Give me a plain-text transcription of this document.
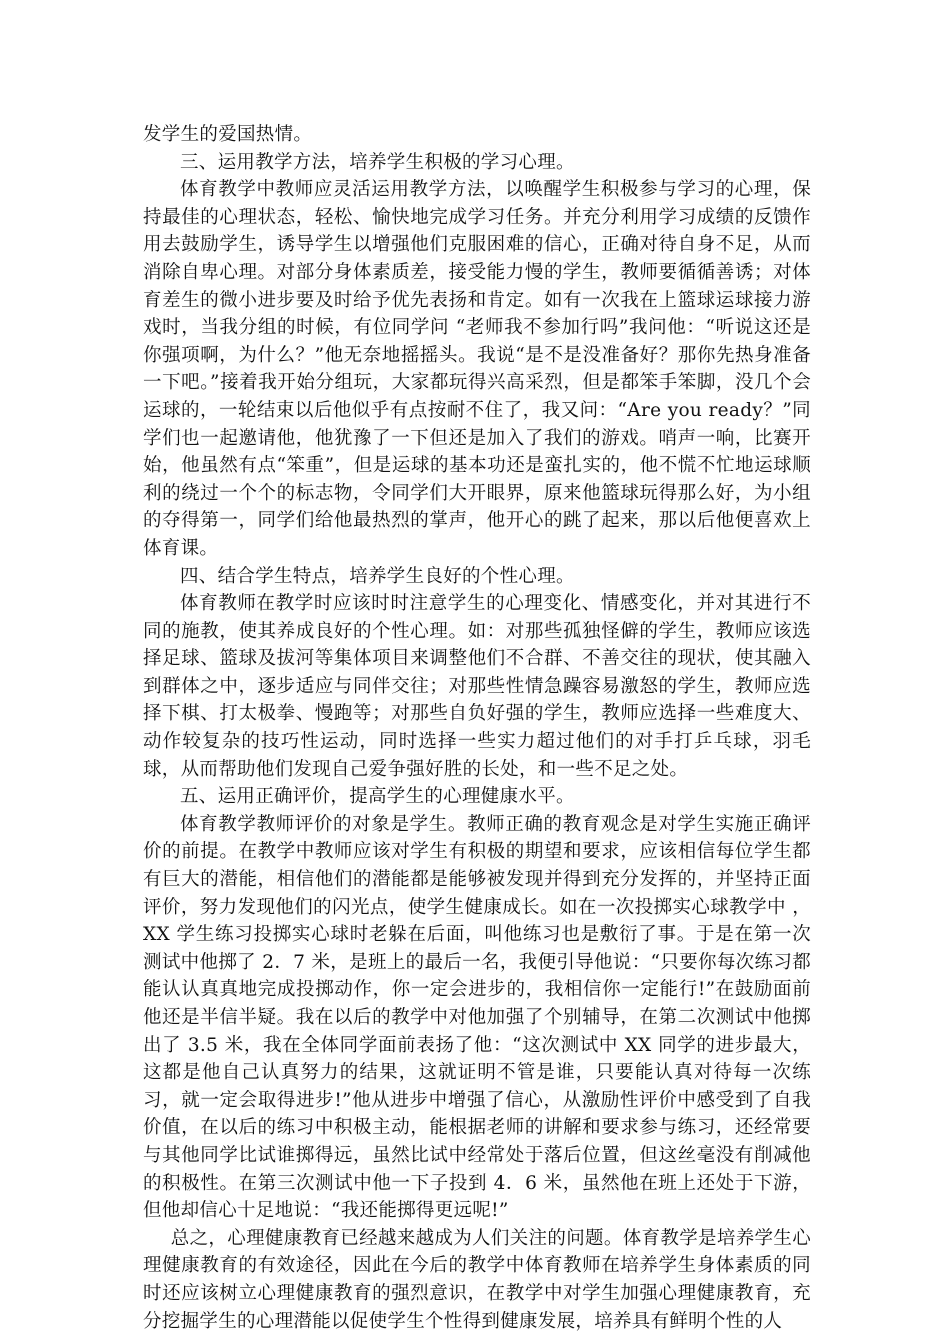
发学生的爱国热情。

三、运用教学方法，培养学生积极的学习心理。

体育教学中教师应灵活运用教学方法，以唤醒学生积极参与学习的心理，保持最佳的心理状态，轻松、愉快地完成学习任务。并充分利用学习成绩的反馈作用去鼓励学生，诱导学生以增强他们克服困难的信心，正确对待自身不足，从而消除自卑心理。对部分身体素质差，接受能力慢的学生，教师要循循善诱；对体育差生的微小进步要及时给予优先表扬和肯定。如有一次我在上篮球运球接力游戏时，当我分组的时候，有位同学问 “老师我不参加行吗”我问他：“听说这还是你强项啊，为什么？”他无奈地摇摇头。我说“是不是没准备好？那你先热身准备一下吧。”接着我开始分组玩，大家都玩得兴高采烈，但是都笨手笨脚，没几个会运球的，一轮结束以后他似乎有点按耐不住了，我又问：“Are you ready？”同学们也一起邀请他，他犹豫了一下但还是加入了我们的游戏。哨声一响，比赛开始，他虽然有点“笨重”，但是运球的基本功还是蛮扎实的，他不慌不忙地运球顺利的绕过一个个的标志物，令同学们大开眼界，原来他篮球玩得那么好，为小组的夺得第一，同学们给他最热烈的掌声，他开心的跳了起来，那以后他便喜欢上体育课。

四、结合学生特点，培养学生良好的个性心理。

体育教师在教学时应该时时注意学生的心理变化、情感变化，并对其进行不同的施教，使其养成良好的个性心理。如：对那些孤独怪僻的学生，教师应该选择足球、篮球及拔河等集体项目来调整他们不合群、不善交往的现状，使其融入到群体之中，逐步适应与同伴交往；对那些性情急躁容易激怒的学生，教师应选择下棋、打太极拳、慢跑等；对那些自负好强的学生，教师应选择一些难度大、动作较复杂的技巧性运动，同时选择一些实力超过他们的对手打乒乓球，羽毛球，从而帮助他们发现自己爱争强好胜的长处，和一些不足之处。

五、运用正确评价，提高学生的心理健康水平。

体育教学教师评价的对象是学生。教师正确的教育观念是对学生实施正确评价的前提。在教学中教师应该对学生有积极的期望和要求，应该相信每位学生都有巨大的潜能，相信他们的潜能都是能够被发现并得到充分发挥的，并坚持正面评价，努力发现他们的闪光点，使学生健康成长。如在一次投掷实心球教学中 ，XX 学生练习投掷实心球时老躲在后面，叫他练习也是敷衍了事。于是在第一次测试中他掷了 2．7 米，是班上的最后一名，我便引导他说：“只要你每次练习都能认认真真地完成投掷动作，你一定会进步的，我相信你一定能行!”在鼓励面前他还是半信半疑。我在以后的教学中对他加强了个别辅导，在第二次测试中他掷出了 3.5 米，我在全体同学面前表扬了他：“这次测试中 XX 同学的进步最大，这都是他自己认真努力的结果，这就证明不管是谁，只要能认真对待每一次练习，就一定会取得进步!”他从进步中增强了信心，从激励性评价中感受到了自我价值，在以后的练习中积极主动，能根据老师的讲解和要求参与练习，还经常要与其他同学比试谁掷得远，虽然比试中经常处于落后位置，但这丝毫没有削减他的积极性。在第三次测试中他一下子投到 4．6 米，虽然他在班上还处于下游，但他却信心十足地说：“我还能掷得更远呢!”

总之，心理健康教育已经越来越成为人们关注的问题。体育教学是培养学生心理健康教育的有效途径，因此在今后的教学中体育教师在培养学生身体素质的同时还应该树立心理健康教育的强烈意识，在教学中对学生加强心理健康教育，充分挖掘学生的心理潜能以促使学生个性得到健康发展，培养具有鲜明个性的人
